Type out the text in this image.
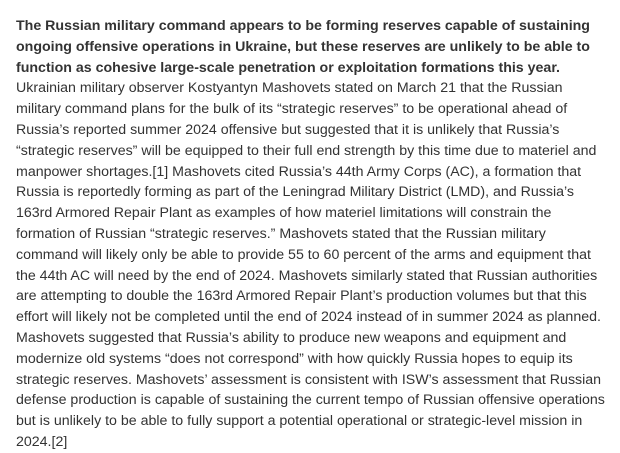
The Russian military command appears to be forming reserves capable of sustaining ongoing offensive operations in Ukraine, but these reserves are unlikely to be able to function as cohesive large-scale penetration or exploitation formations this year. Ukrainian military observer Kostyantyn Mashovets stated on March 21 that the Russian military command plans for the bulk of its “strategic reserves” to be operational ahead of Russia’s reported summer 2024 offensive but suggested that it is unlikely that Russia’s “strategic reserves” will be equipped to their full end strength by this time due to materiel and manpower shortages.[1] Mashovets cited Russia’s 44th Army Corps (AC), a formation that Russia is reportedly forming as part of the Leningrad Military District (LMD), and Russia’s 163rd Armored Repair Plant as examples of how materiel limitations will constrain the formation of Russian “strategic reserves.” Mashovets stated that the Russian military command will likely only be able to provide 55 to 60 percent of the arms and equipment that the 44th AC will need by the end of 2024. Mashovets similarly stated that Russian authorities are attempting to double the 163rd Armored Repair Plant’s production volumes but that this effort will likely not be completed until the end of 2024 instead of in summer 2024 as planned. Mashovets suggested that Russia’s ability to produce new weapons and equipment and modernize old systems “does not correspond” with how quickly Russia hopes to equip its strategic reserves. Mashovets’ assessment is consistent with ISW’s assessment that Russian defense production is capable of sustaining the current tempo of Russian offensive operations but is unlikely to be able to fully support a potential operational or strategic-level mission in 2024.[2]
